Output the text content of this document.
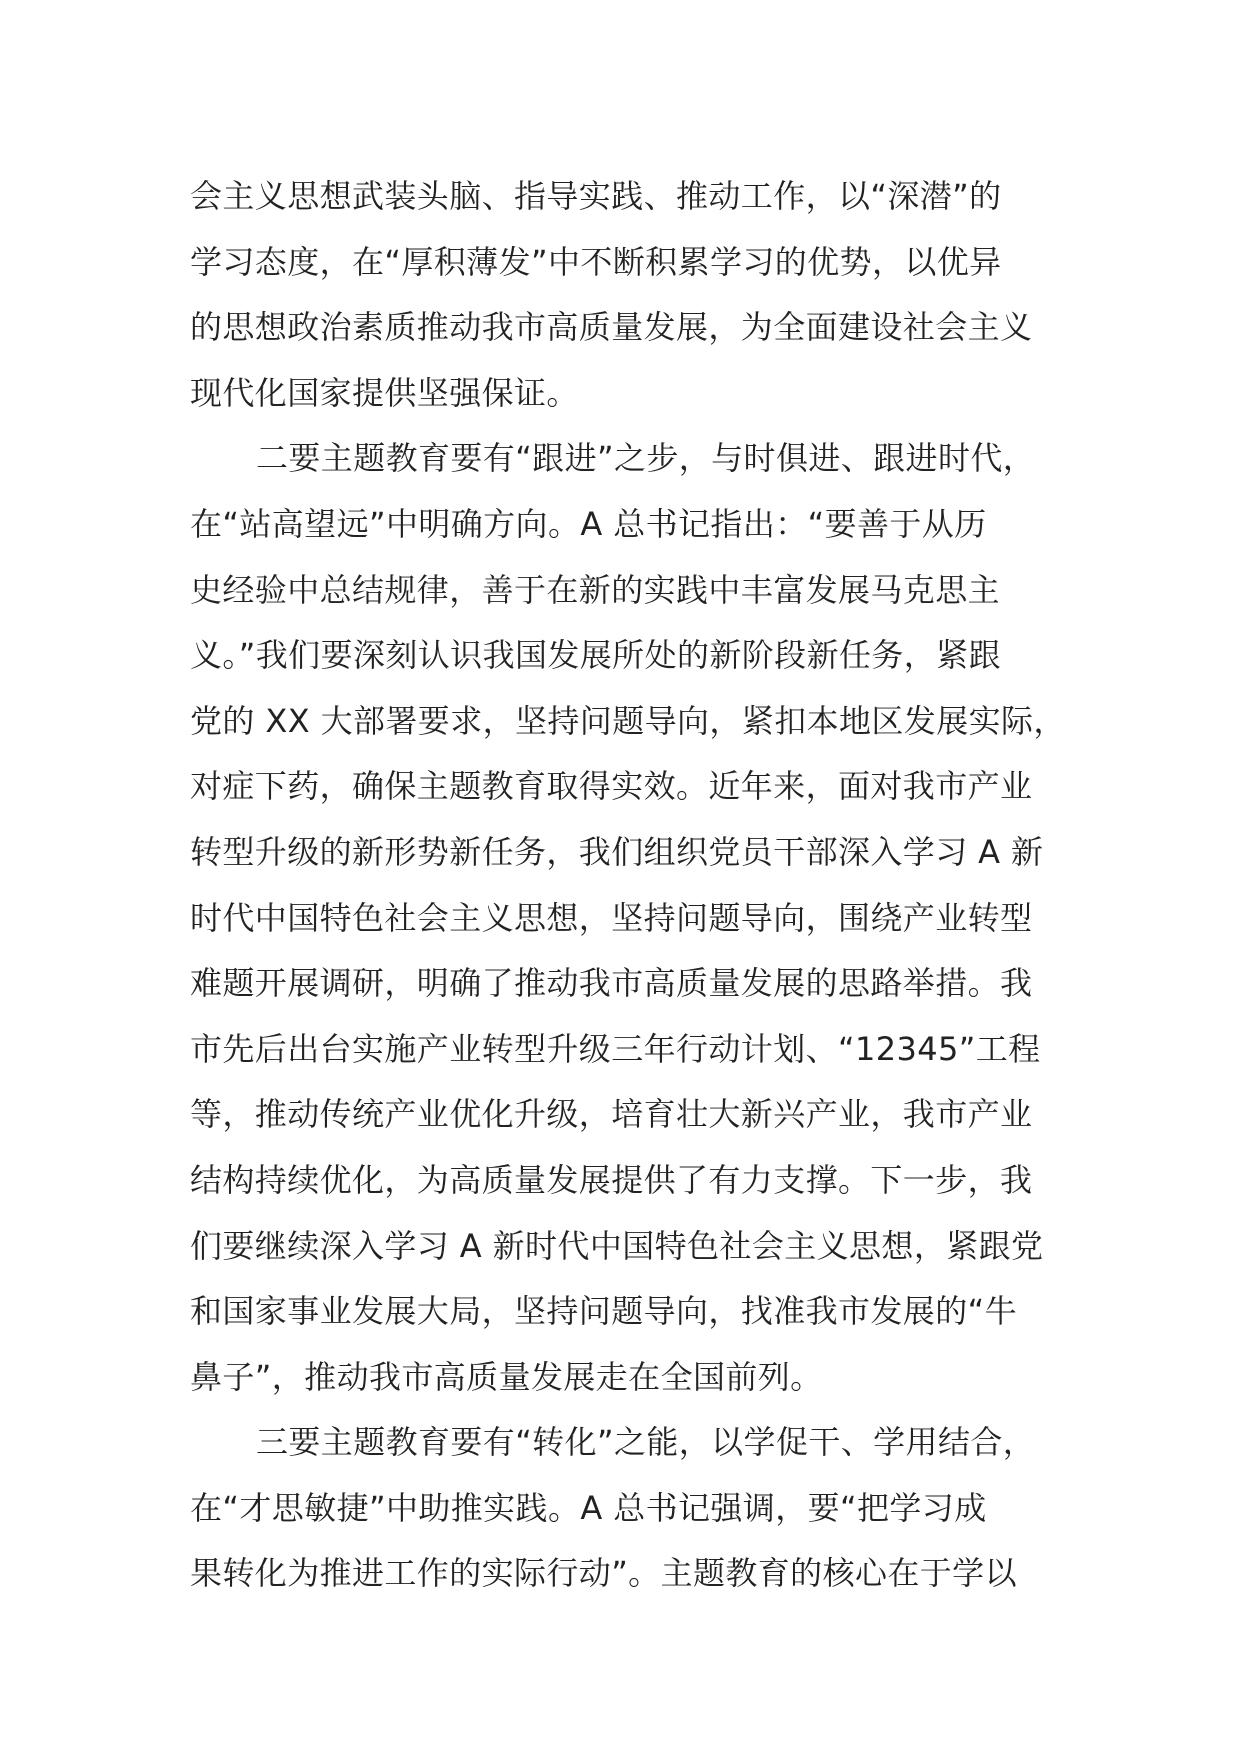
会主义思想武装头脑、指导实践、推动工作，以“深潜”的
学习态度，在“厚积薄发”中不断积累学习的优势，以优异
的思想政治素质推动我市高质量发展，为全面建设社会主义
现代化国家提供坚强保证。
二要主题教育要有“跟进”之步，与时俱进、跟进时代，
在“站高望远”中明确方向。A 总书记指出：“要善于从历
史经验中总结规律，善于在新的实践中丰富发展马克思主
义。”我们要深刻认识我国发展所处的新阶段新任务，紧跟
党的 XX 大部署要求，坚持问题导向，紧扣本地区发展实际，
对症下药，确保主题教育取得实效。近年来，面对我市产业
转型升级的新形势新任务，我们组织党员干部深入学习 A 新
时代中国特色社会主义思想，坚持问题导向，围绕产业转型
难题开展调研，明确了推动我市高质量发展的思路举措。我
市先后出台实施产业转型升级三年行动计划、“12345”工程
等，推动传统产业优化升级，培育壮大新兴产业，我市产业
结构持续优化，为高质量发展提供了有力支撑。下一步，我
们要继续深入学习 A 新时代中国特色社会主义思想，紧跟党
和国家事业发展大局，坚持问题导向，找准我市发展的“牛
鼻子”，推动我市高质量发展走在全国前列。
三要主题教育要有“转化”之能，以学促干、学用结合，
在“才思敏捷”中助推实践。A 总书记强调，要“把学习成
果转化为推进工作的实际行动”。主题教育的核心在于学以
